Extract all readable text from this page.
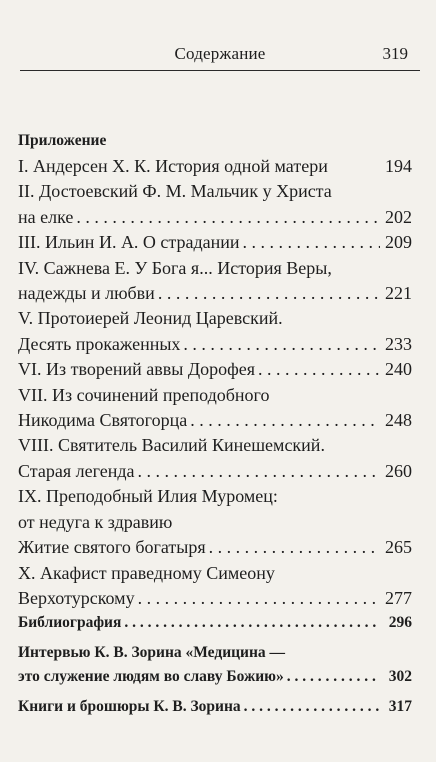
Содержание	319
Приложение
I. Андерсен Х. К. История одной матери	194
II. Достоевский Ф. М. Мальчик у Христа
на елке . . .	202
III. Ильин И. А. О страдании . . .	209
IV. Сажнева Е. У Бога я... История Веры,
надежды и любви . . .	221
V. Протоиерей Леонид Царевский.
Десять прокаженных . . .	233
VI. Из творений аввы Дорофея . . .	240
VII. Из сочинений преподобного
Никодима Святогорца . . .	248
VIII. Святитель Василий Кинешемский.
Старая легенда . . .	260
IX. Преподобный Илия Муромец:
от недуга к здравию
Житие святого богатыря . . .	265
X. Акафист праведному Симеону
Верхотурскому . . .	277
Библиография . . .	296
Интервью К. В. Зорина «Медицина —
это служение людям во славу Божию» . . .	302
Книги и брошюры К. В. Зорина . . .	317
